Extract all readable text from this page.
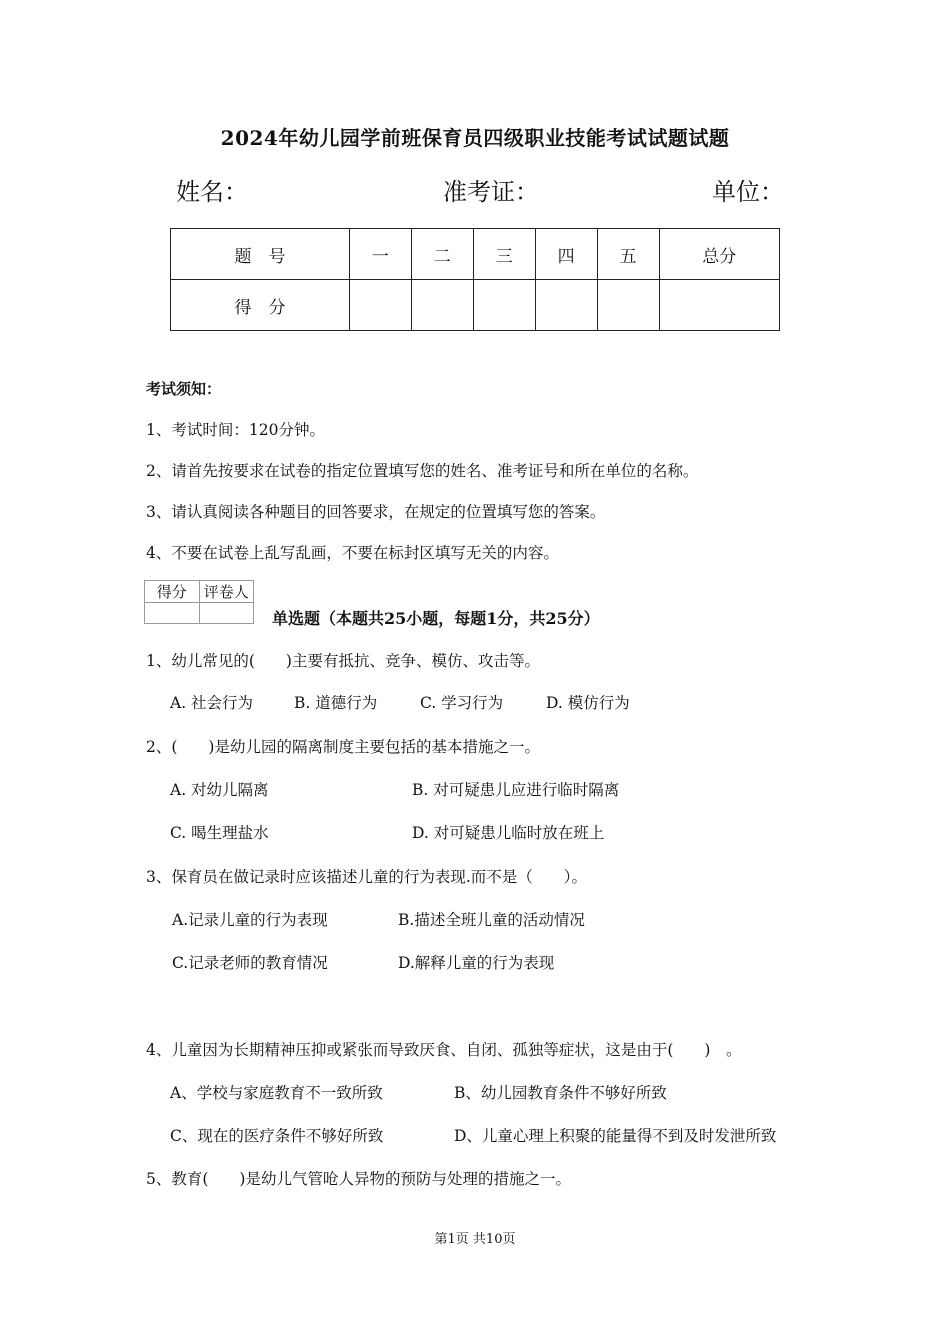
2024年幼儿园学前班保育员四级职业技能考试试题试题
姓名：	准考证：	单位：
题　号	一	二	三	四	五	总分
得　分						
考试须知：
1、考试时间：120分钟。
2、请首先按要求在试卷的指定位置填写您的姓名、准考证号和所在单位的名称。
3、请认真阅读各种题目的回答要求，在规定的位置填写您的答案。
4、不要在试卷上乱写乱画，不要在标封区填写无关的内容。
得分	评卷人

单选题（本题共25小题，每题1分，共25分）
1、幼儿常见的(　　)主要有抵抗、竞争、模仿、攻击等。
A. 社会行为	B. 道德行为	C. 学习行为	D. 模仿行为
2、(　　)是幼儿园的隔离制度主要包括的基本措施之一。
A. 对幼儿隔离	B. 对可疑患儿应进行临时隔离
C. 喝生理盐水	D. 对可疑患儿临时放在班上
3、保育员在做记录时应该描述儿童的行为表现.而不是（　　）。
A.记录儿童的行为表现	B.描述全班儿童的活动情况
C.记录老师的教育情况	D.解释儿童的行为表现
4、儿童因为长期精神压抑或紧张而导致厌食、自闭、孤独等症状，这是由于(　　)　。
A、学校与家庭教育不一致所致	B、幼儿园教育条件不够好所致
C、现在的医疗条件不够好所致	D、儿童心理上积聚的能量得不到及时发泄所致
5、教育(　　)是幼儿气管呛人异物的预防与处理的措施之一。
第1页 共10页
